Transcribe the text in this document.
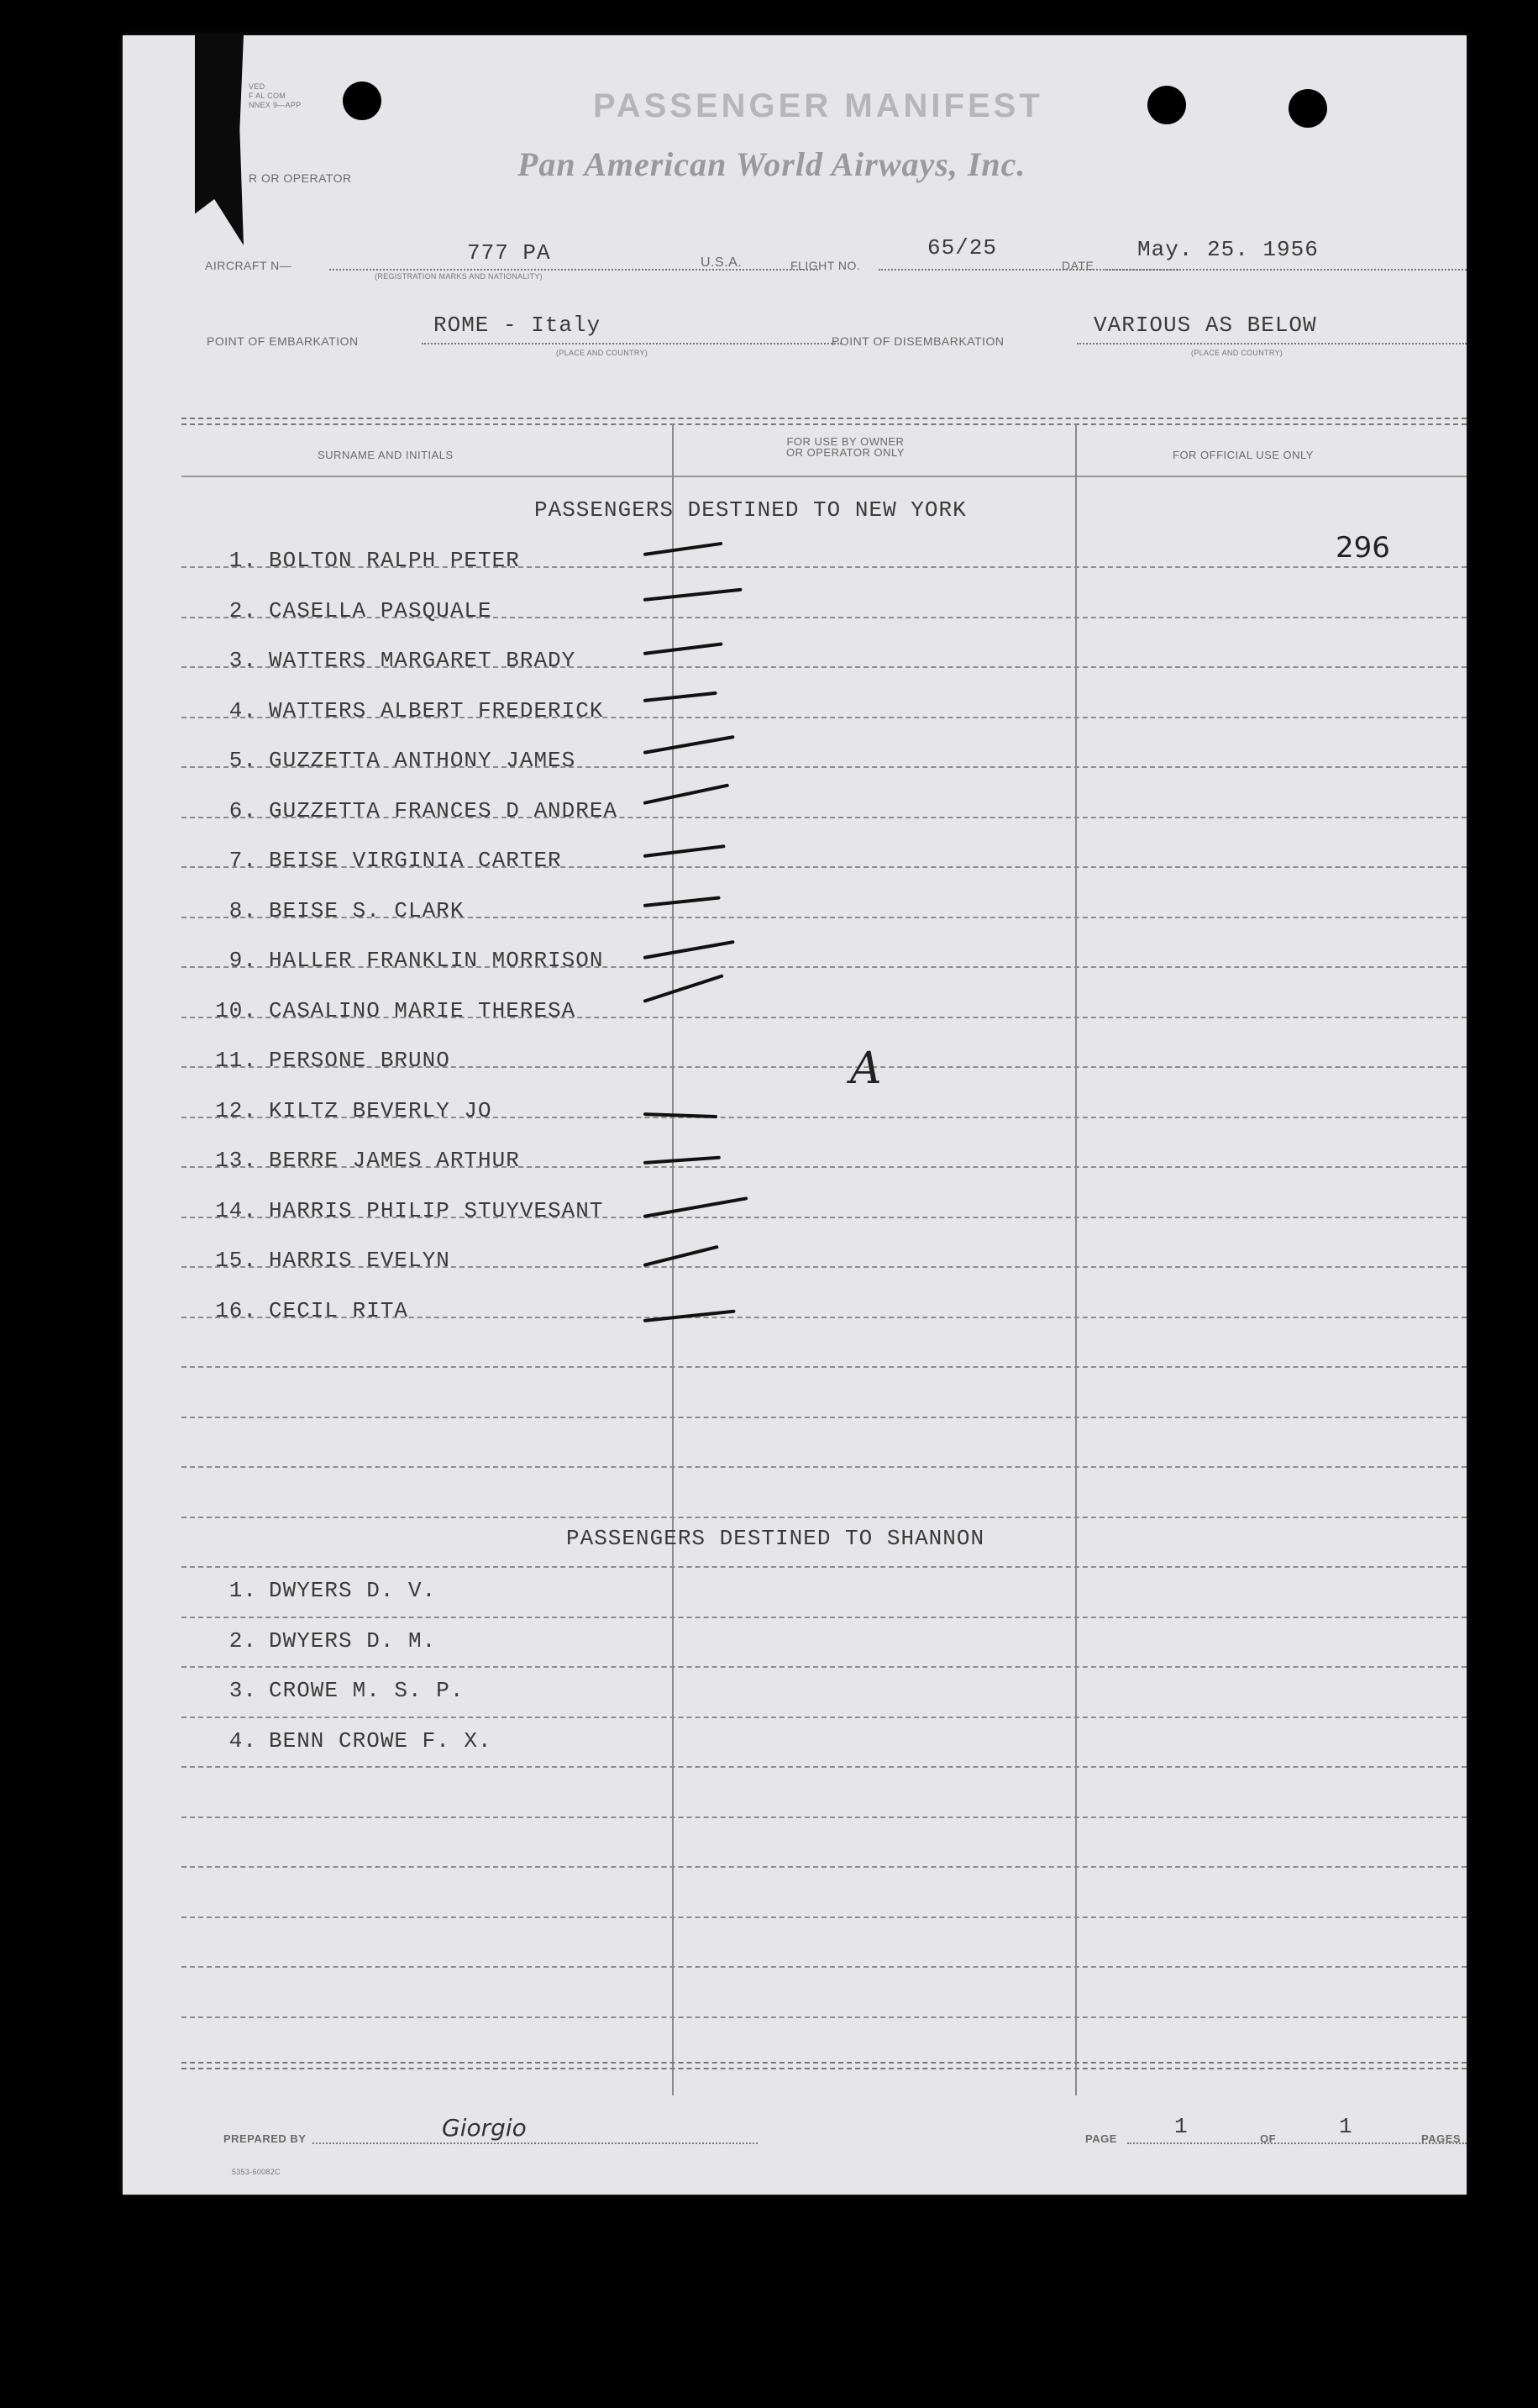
VED
F AL COM
NNEX 9—APP
R OR OPERATOR
PASSENGER MANIFEST
Pan American World Airways, Inc.
AIRCRAFT N—	777 PA
(REGISTRATION MARKS AND NATIONALITY)
U.S.A.	FLIGHT NO.
65/25
DATE
May. 25. 1956
POINT OF EMBARKATION
ROME - Italy
(PLACE AND COUNTRY)
POINT OF DISEMBARKATION
VARIOUS AS BELOW
(PLACE AND COUNTRY)
SURNAME AND INITIALS
FOR USE BY OWNER
OR OPERATOR ONLY	FOR OFFICIAL USE ONLY
PASSENGERS DESTINED TO NEW YORK
296
A
1. BOLTON RALPH PETER
2. CASELLA PASQUALE
3. WATTERS MARGARET BRADY
4. WATTERS ALBERT FREDERICK
5. GUZZETTA ANTHONY JAMES
6. GUZZETTA FRANCES D ANDREA
7. BEISE VIRGINIA CARTER
8. BEISE S. CLARK
9. HALLER FRANKLIN MORRISON
10. CASALINO MARIE THERESA
11. PERSONE BRUNO
12. KILTZ BEVERLY JO
13. BERRE JAMES ARTHUR
14. HARRIS PHILIP STUYVESANT
15. HARRIS EVELYN
16. CECIL RITA
PASSENGERS DESTINED TO SHANNON
1. DWYERS D. V.
2. DWYERS D. M.
3. CROWE M. S. P.
4. BENN CROWE F. X.
PREPARED BY	Giorgio	PAGE	1	OF	1	PAGES
5353-60082C
